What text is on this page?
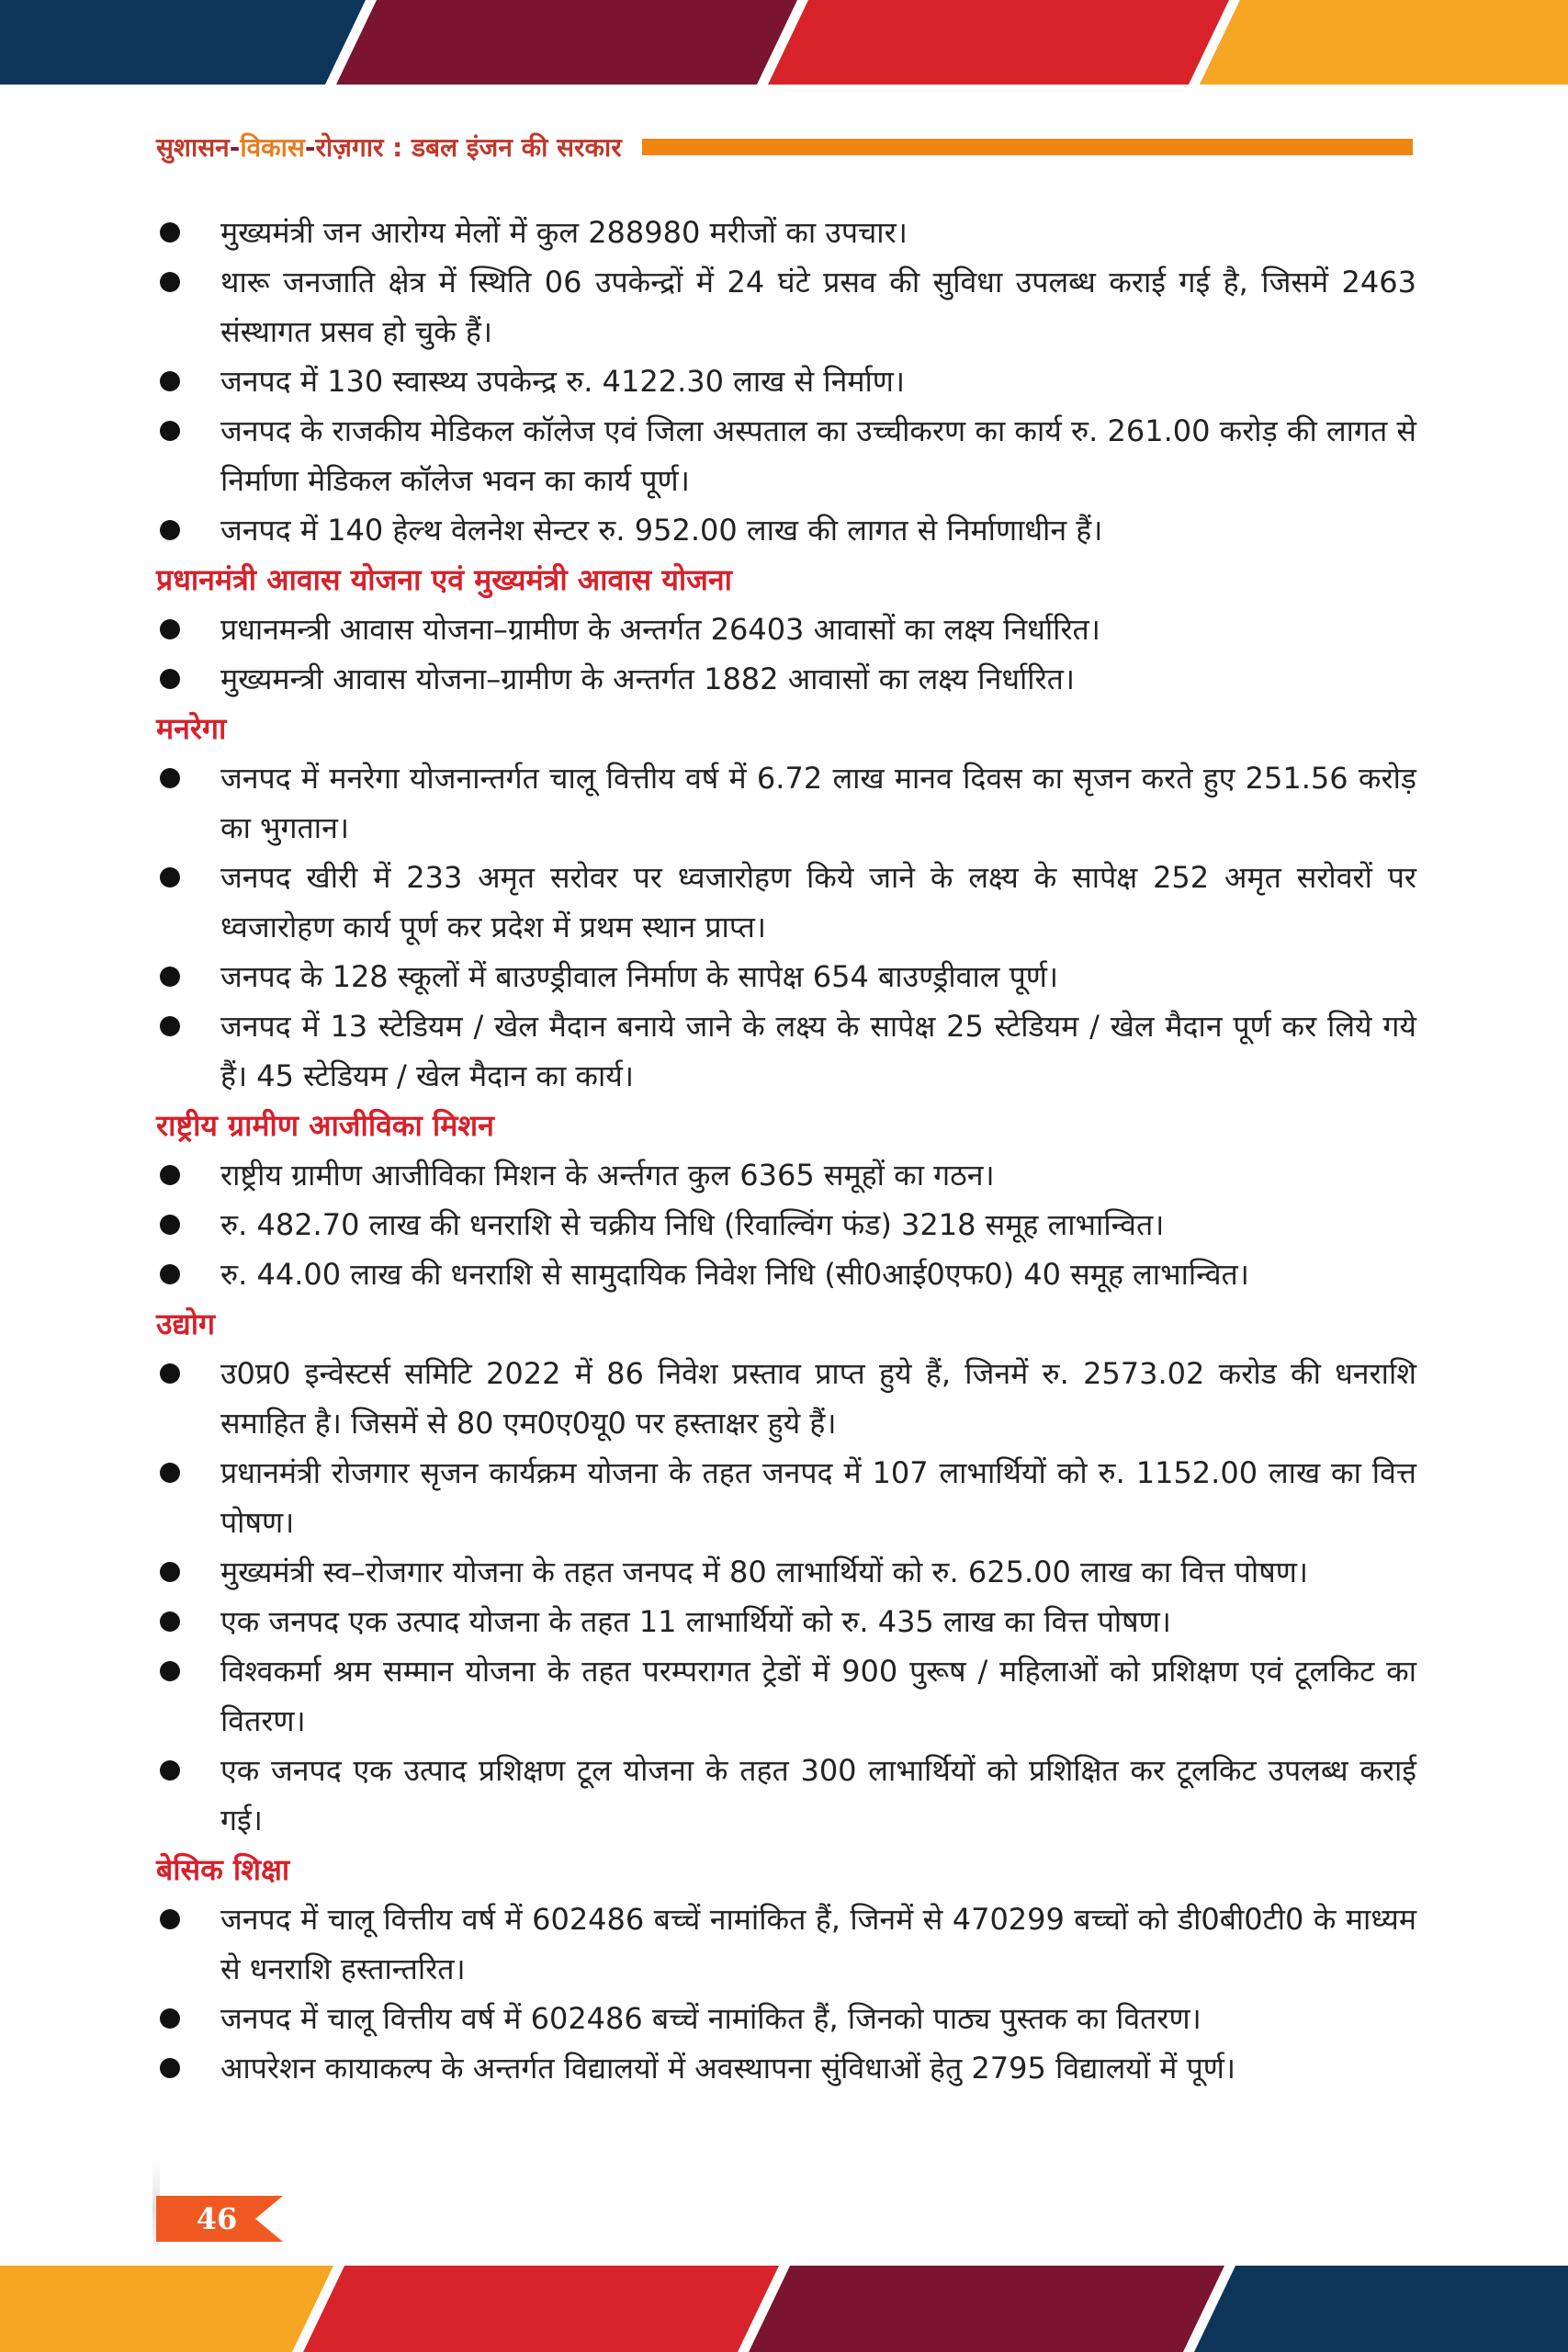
सुशासन-विकास-रोज़गार : डबल इंजन की सरकार
मुख्यमंत्री जन आरोग्य मेलों में कुल 288980 मरीजों का उपचार।
थारू जनजाति क्षेत्र में स्थिति 06 उपकेन्द्रों में 24 घंटे प्रसव की सुविधा उपलब्ध कराई गई है, जिसमें 2463 संस्थागत प्रसव हो चुके हैं।
जनपद में 130 स्वास्थ्य उपकेन्द्र रु. 4122.30 लाख से निर्माण।
जनपद के राजकीय मेडिकल कॉलेज एवं जिला अस्पताल का उच्चीकरण का कार्य रु. 261.00 करोड़ की लागत से निर्माणा मेडिकल कॉलेज भवन का कार्य पूर्ण।
जनपद में 140 हेल्थ वेलनेश सेन्टर रु. 952.00 लाख की लागत से निर्माणाधीन हैं।
प्रधानमंत्री आवास योजना एवं मुख्यमंत्री आवास योजना
प्रधानमन्त्री आवास योजना–ग्रामीण के अन्तर्गत 26403 आवासों का लक्ष्य निर्धारित।
मुख्यमन्त्री आवास योजना–ग्रामीण के अन्तर्गत 1882 आवासों का लक्ष्य निर्धारित।
मनरेगा
जनपद में मनरेगा योजनान्तर्गत चालू वित्तीय वर्ष में 6.72 लाख मानव दिवस का सृजन करते हुए 251.56 करोड़ का भुगतान।
जनपद खीरी में 233 अमृत सरोवर पर ध्वजारोहण किये जाने के लक्ष्य के सापेक्ष 252 अमृत सरोवरों पर ध्वजारोहण कार्य पूर्ण कर प्रदेश में प्रथम स्थान प्राप्त।
जनपद के 128 स्कूलों में बाउण्ड्रीवाल निर्माण के सापेक्ष 654 बाउण्ड्रीवाल पूर्ण।
जनपद में 13 स्टेडियम / खेल मैदान बनाये जाने के लक्ष्य के सापेक्ष 25 स्टेडियम / खेल मैदान पूर्ण कर लिये गये हैं। 45 स्टेडियम / खेल मैदान का कार्य।
राष्ट्रीय ग्रामीण आजीविका मिशन
राष्ट्रीय ग्रामीण आजीविका मिशन के अर्न्तगत कुल 6365 समूहों का गठन।
रु. 482.70 लाख की धनराशि से चक्रीय निधि (रिवाल्विंग फंड) 3218 समूह लाभान्वित।
रु. 44.00 लाख की धनराशि से सामुदायिक निवेश निधि (सी0आई0एफ0) 40 समूह लाभान्वित।
उद्योग
उ0प्र0 इन्वेस्टर्स समिटि 2022 में 86 निवेश प्रस्ताव प्राप्त हुये हैं, जिनमें रु. 2573.02 करोड की धनराशि समाहित है। जिसमें से 80 एम0ए0यू0 पर हस्ताक्षर हुये हैं।
प्रधानमंत्री रोजगार सृजन कार्यक्रम योजना के तहत जनपद में 107 लाभार्थियों को रु. 1152.00 लाख का वित्त पोषण।
मुख्यमंत्री स्व–रोजगार योजना के तहत जनपद में 80 लाभार्थियों को रु. 625.00 लाख का वित्त पोषण।
एक जनपद एक उत्पाद योजना के तहत 11 लाभार्थियों को रु. 435 लाख का वित्त पोषण।
विश्वकर्मा श्रम सम्मान योजना के तहत परम्परागत ट्रेडों में 900 पुरूष / महिलाओं को प्रशिक्षण एवं टूलकिट का वितरण।
एक जनपद एक उत्पाद प्रशिक्षण टूल योजना के तहत 300 लाभार्थियों को प्रशिक्षित कर टूलकिट उपलब्ध कराई गई।
बेसिक शिक्षा
जनपद में चालू वित्तीय वर्ष में 602486 बच्चें नामांकित हैं, जिनमें से 470299 बच्चों को डी0बी0टी0 के माध्यम से धनराशि हस्तान्तरित।
जनपद में चालू वित्तीय वर्ष में 602486 बच्चें नामांकित हैं, जिनको पाठ्य पुस्तक का वितरण।
आपरेशन कायाकल्प के अन्तर्गत विद्यालयों में अवस्थापना सुंविधाओं हेतु 2795 विद्यालयों में पूर्ण।
46
